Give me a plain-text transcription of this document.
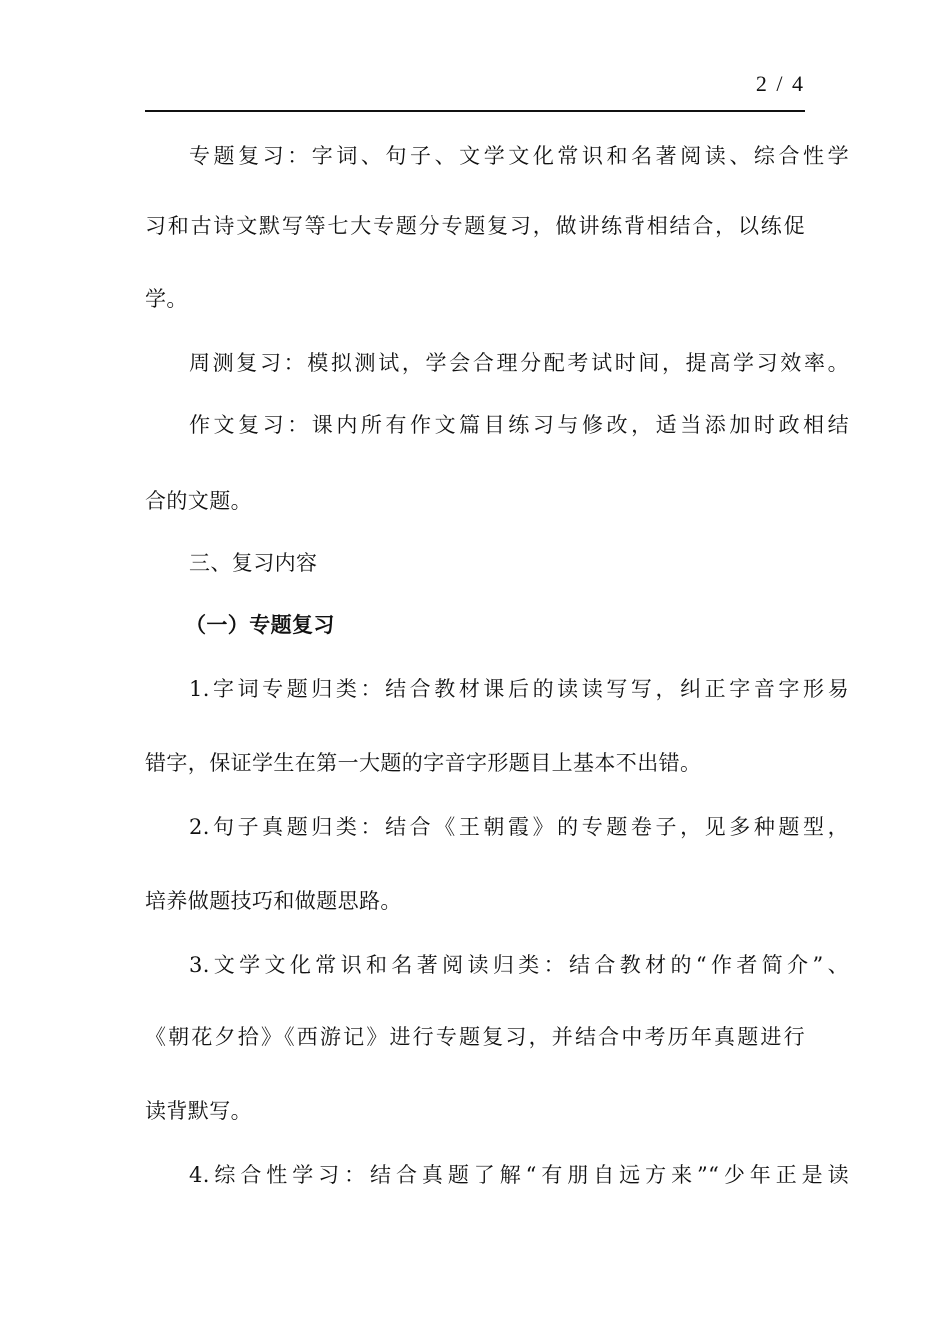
2 / 4
专题复习：字词、句子、文学文化常识和名著阅读、综合性学
习和古诗文默写等七大专题分专题复习，做讲练背相结合，以练促
学。
周测复习：模拟测试，学会合理分配考试时间，提高学习效率。
作文复习：课内所有作文篇目练习与修改，适当添加时政相结
合的文题。
三、复习内容
（一）专题复习
1.字词专题归类：结合教材课后的读读写写，纠正字音字形易
错字，保证学生在第一大题的字音字形题目上基本不出错。
2.句子真题归类：结合《王朝霞》的专题卷子，见多种题型，
培养做题技巧和做题思路。
3.文学文化常识和名著阅读归类：结合教材的“作者简介”、
《朝花夕拾》《西游记》进行专题复习，并结合中考历年真题进行
读背默写。
4.综合性学习：结合真题了解“有朋自远方来”“少年正是读
